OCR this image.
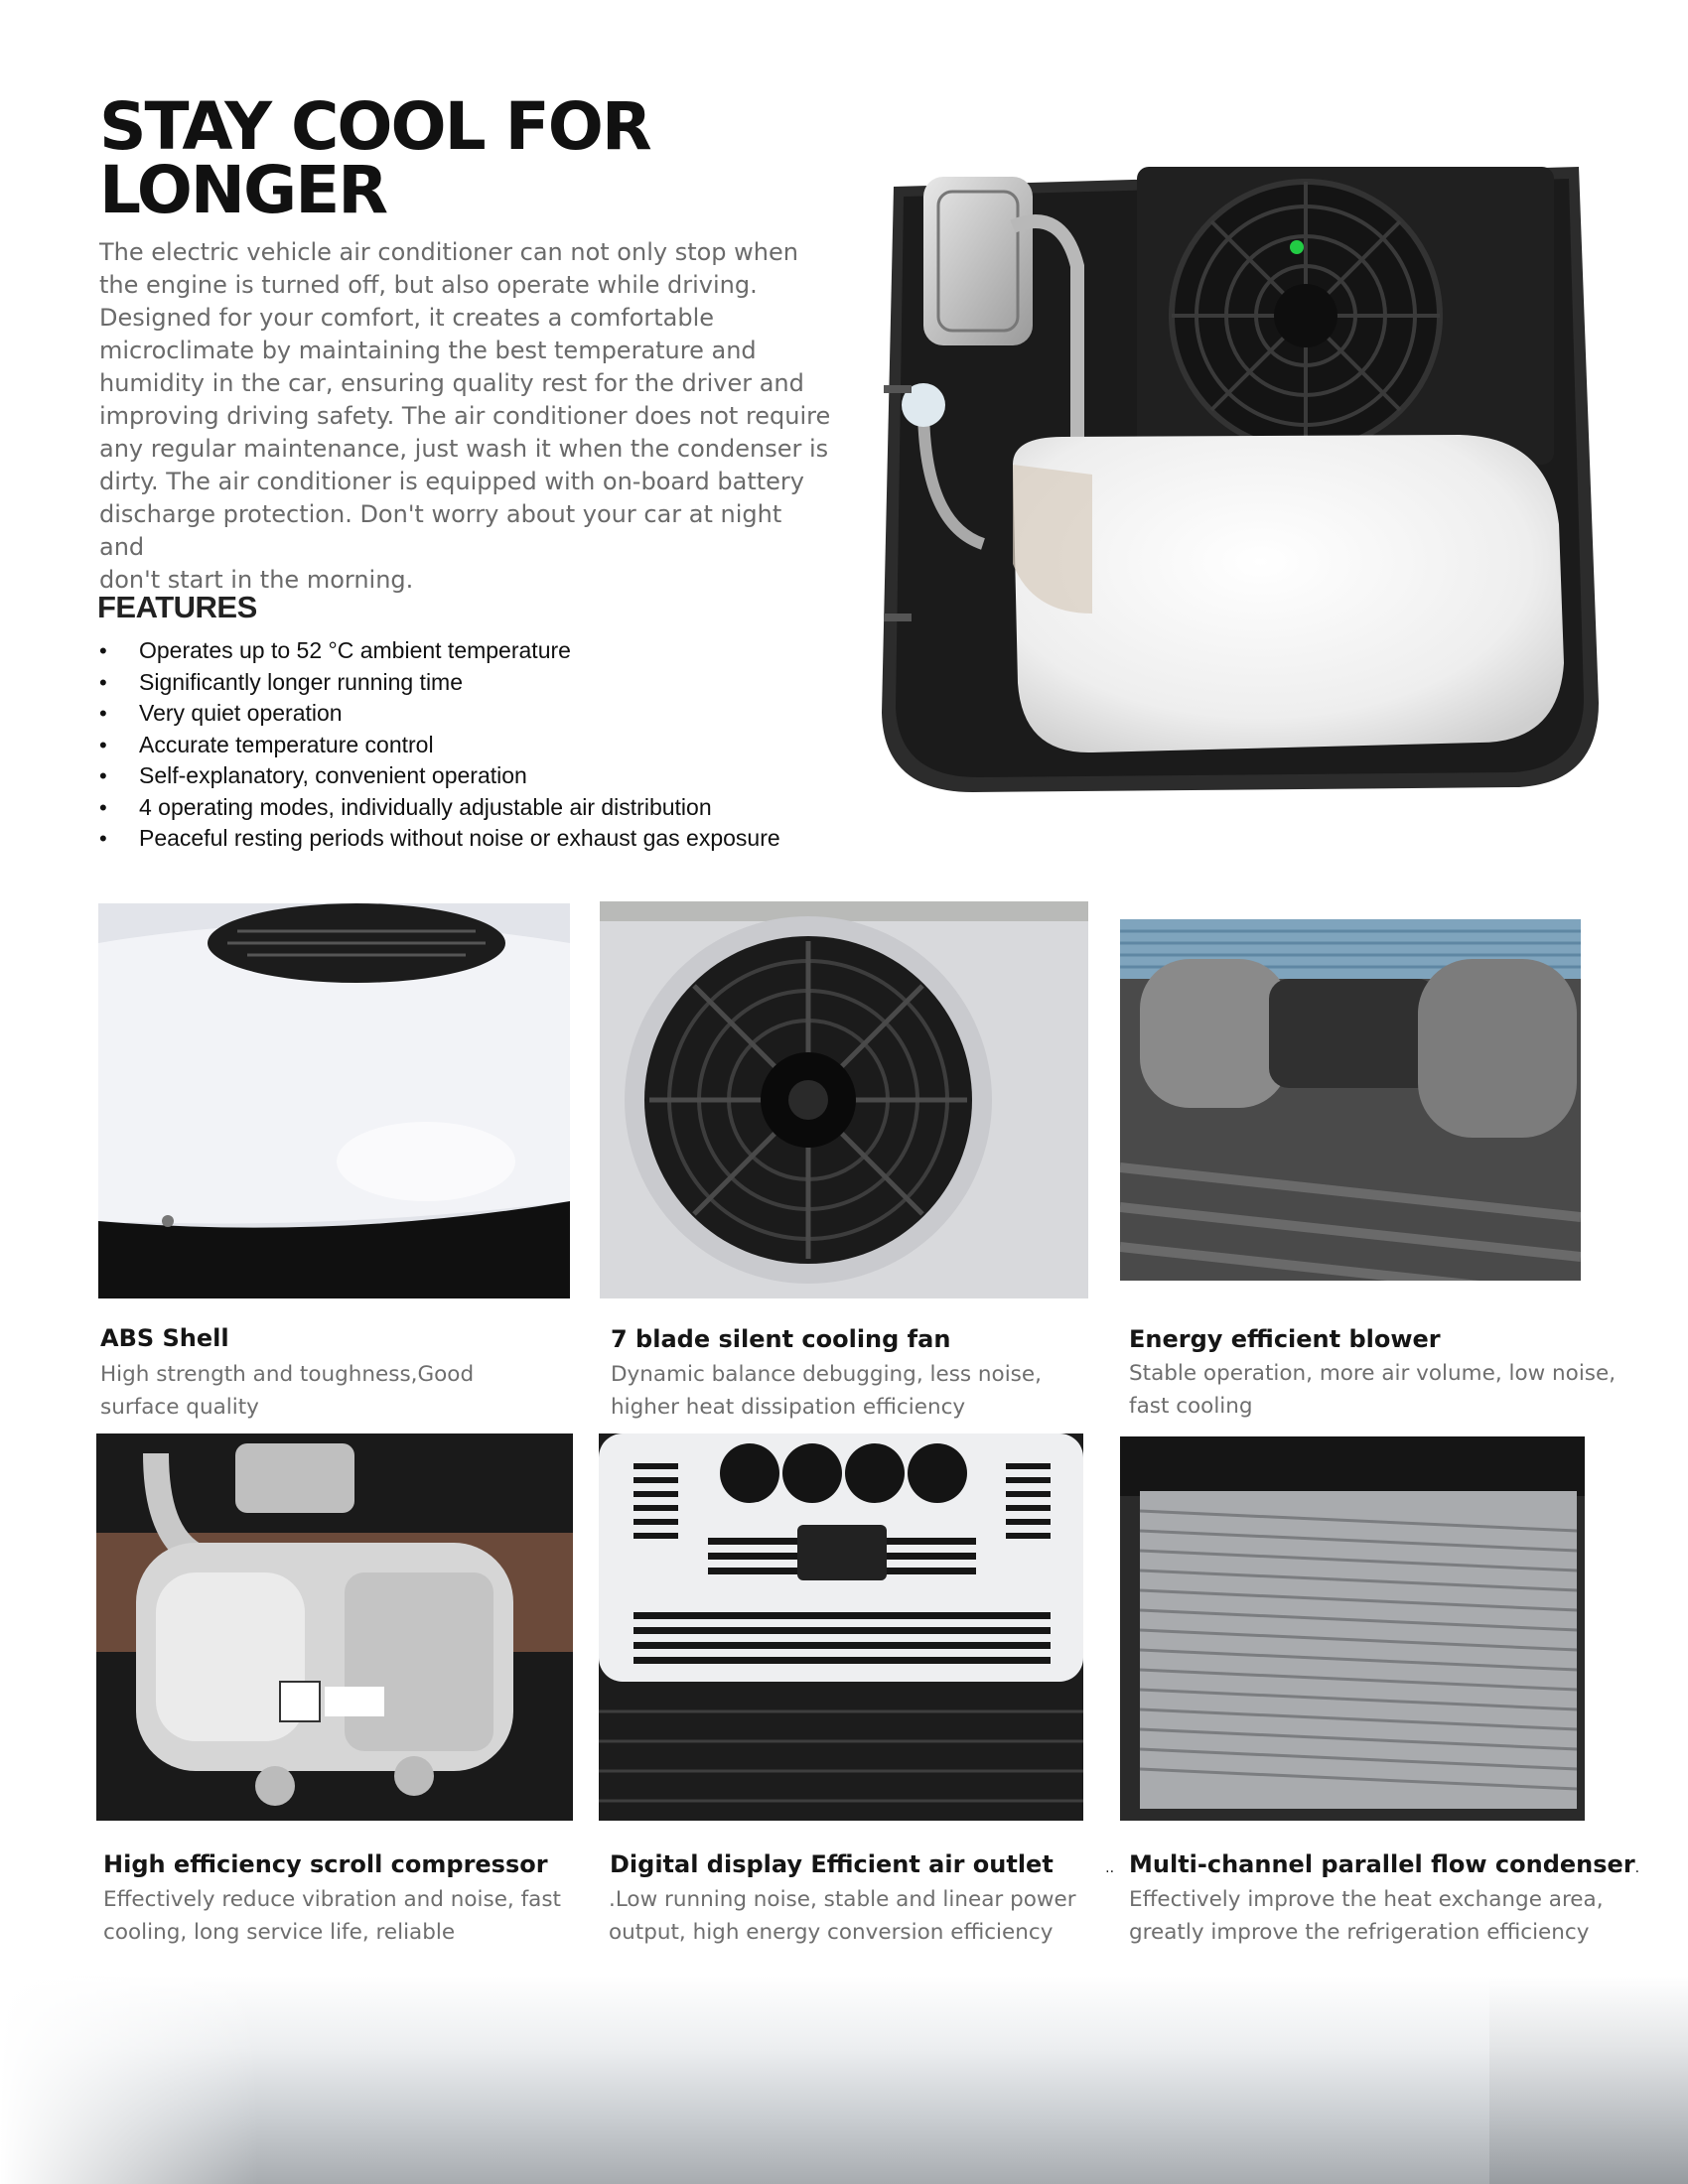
STAY COOL FOR
LONGER

The electric vehicle air conditioner can not only stop when
the engine is turned off, but also operate while driving.
Designed for your comfort, it creates a comfortable
microclimate by maintaining the best temperature and
humidity in the car, ensuring quality rest for the driver and
improving driving safety. The air conditioner does not require
any regular maintenance, just wash it when the condenser is
dirty. The air conditioner is equipped with on-board battery
discharge protection. Don't worry about your car at night and
don't start in the morning.

FEATURES
• Operates up to 52 °C ambient temperature
• Significantly longer running time
• Very quiet operation
• Accurate temperature control
• Self-explanatory, convenient operation
• 4 operating modes, individually adjustable air distribution
• Peaceful resting periods without noise or exhaust gas exposure
ABS Shell
High strength and toughness,Good
surface quality
7 blade silent cooling fan
Dynamic balance debugging, less noise,
higher heat dissipation efficiency
Energy efficient blower
Stable operation, more air volume, low noise,
fast cooling
High efficiency scroll compressor
Effectively reduce vibration and noise, fast
cooling, long service life, reliable
Digital display Efficient air outlet	..
.Low running noise, stable and linear power
output, high energy conversion efficiency
Multi-channel parallel flow condenser.
Effectively improve the heat exchange area,
greatly improve the refrigeration efficiency
